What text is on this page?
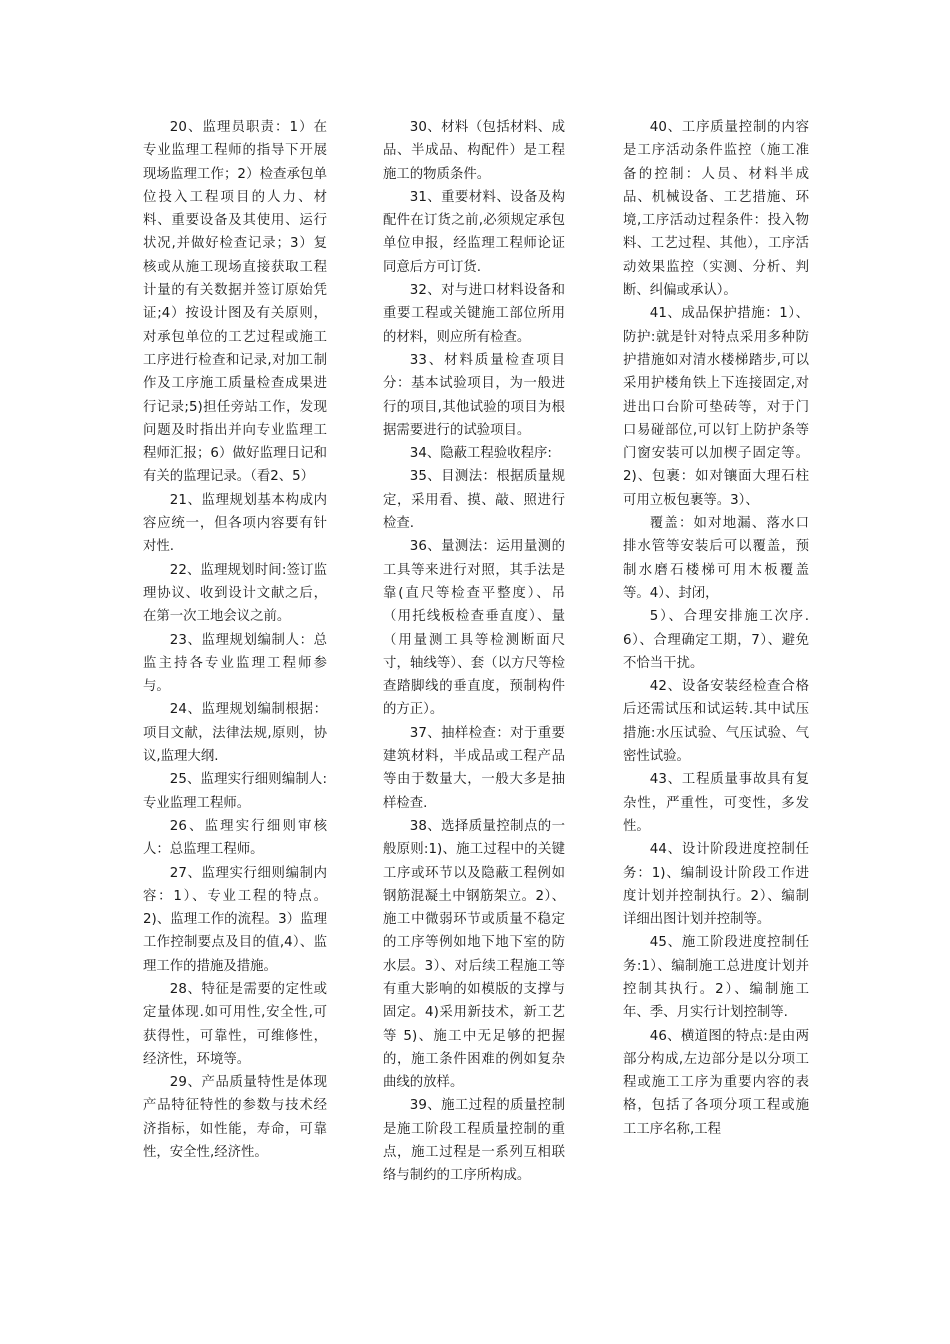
20、监理员职责：1）在专业监理工程师的指导下开展现场监理工作；2）检查承包单位投入工程项目的人力、材料、重要设备及其使用、运行状况,并做好检查记录；3）复核或从施工现场直接获取工程计量的有关数据并签订原始凭证;4）按设计图及有关原则，对承包单位的工艺过程或施工工序进行检查和记录,对加工制作及工序施工质量检查成果进行记录;5)担任旁站工作，发现问题及时指出并向专业监理工程师汇报；6）做好监理日记和有关的监理记录。（看2、5）

21、监理规划基本构成内容应统一，但各项内容要有针对性.

22、监理规划时间:签订监理协议、收到设计文献之后，在第一次工地会议之前。

23、监理规划编制人：总监主持各专业监理工程师参与。

24、监理规划编制根据：项目文献，法律法规,原则，协议,监理大纲.

25、监理实行细则编制人:专业监理工程师。

26、监理实行细则审核人：总监理工程师。

27、监理实行细则编制内容：1）、专业工程的特点。2)、监理工作的流程。3）监理工作控制要点及目的值,4）、监理工作的措施及措施。

28、特征是需要的定性或定量体现.如可用性,安全性,可获得性，可靠性，可维修性，经济性，环境等。

29、产品质量特性是体现产品特征特性的参数与技术经济指标，如性能，寿命，可靠性，安全性,经济性。

30、材料（包括材料、成品、半成品、构配件）是工程施工的物质条件。

31、重要材料、设备及构配件在订货之前,必须规定承包单位申报，经监理工程师论证同意后方可订货.

32、对与进口材料设备和重要工程或关键施工部位所用的材料，则应所有检查。

33、材料质量检查项目分：基本试验项目，为一般进行的项目,其他试验的项目为根据需要进行的试验项目。

34、隐蔽工程验收程序:

35、目测法：根据质量规定，采用看、摸、敲、照进行检查.

36、量测法：运用量测的工具等来进行对照，其手法是靠(直尺等检查平整度）、吊（用托线板检查垂直度）、量（用量测工具等检测断面尺寸，轴线等）、套（以方尺等检查踏脚线的垂直度，预制构件的方正）。

37、抽样检查：对于重要建筑材料，半成品或工程产品等由于数量大，一般大多是抽样检查.

38、选择质量控制点的一般原则:1)、施工过程中的关键工序或环节以及隐蔽工程例如钢筋混凝土中钢筋架立。2）、施工中微弱环节或质量不稳定的工序等例如地下地下室的防水层。3）、对后续工程施工等有重大影响的如模版的支撑与固定。4)采用新技术，新工艺等 5)、施工中无足够的把握的，施工条件困难的例如复杂曲线的放样。

39、施工过程的质量控制是施工阶段工程质量控制的重点，施工过程是一系列互相联络与制约的工序所构成。

40、工序质量控制的内容是工序活动条件监控（施工准备的控制：人员、材料半成品、机械设备、工艺措施、环境,工序活动过程条件：投入物料、工艺过程、其他），工序活动效果监控（实测、分析、判断、纠偏或承认）。

41、成品保护措施：1）、防护:就是针对特点采用多种防护措施如对清水楼梯踏步,可以采用护楼角铁上下连接固定,对进出口台阶可垫砖等，对于门口易碰部位,可以钉上防护条等门窗安装可以加楔子固定等。2)、包裹：如对镶面大理石柱可用立板包裹等。3）、

覆盖：如对地漏、落水口排水管等安装后可以覆盖，预制水磨石楼梯可用木板覆盖等。4）、封闭，

5）、合理安排施工次序. 6）、合理确定工期，7）、避免不恰当干扰。

42、设备安装经检查合格后还需试压和试运转.其中试压措施:水压试验、气压试验、气密性试验。

43、工程质量事故具有复杂性，严重性，可变性，多发性。

44、设计阶段进度控制任务：1)、编制设计阶段工作进度计划并控制执行。2）、编制详细出图计划并控制等。

45、施工阶段进度控制任务:1）、编制施工总进度计划并控制其执行。2）、编制施工年、季、月实行计划控制等.

46、横道图的特点:是由两部分构成,左边部分是以分项工程或施工工序为重要内容的表格，包括了各项分项工程或施工工序名称,工程
